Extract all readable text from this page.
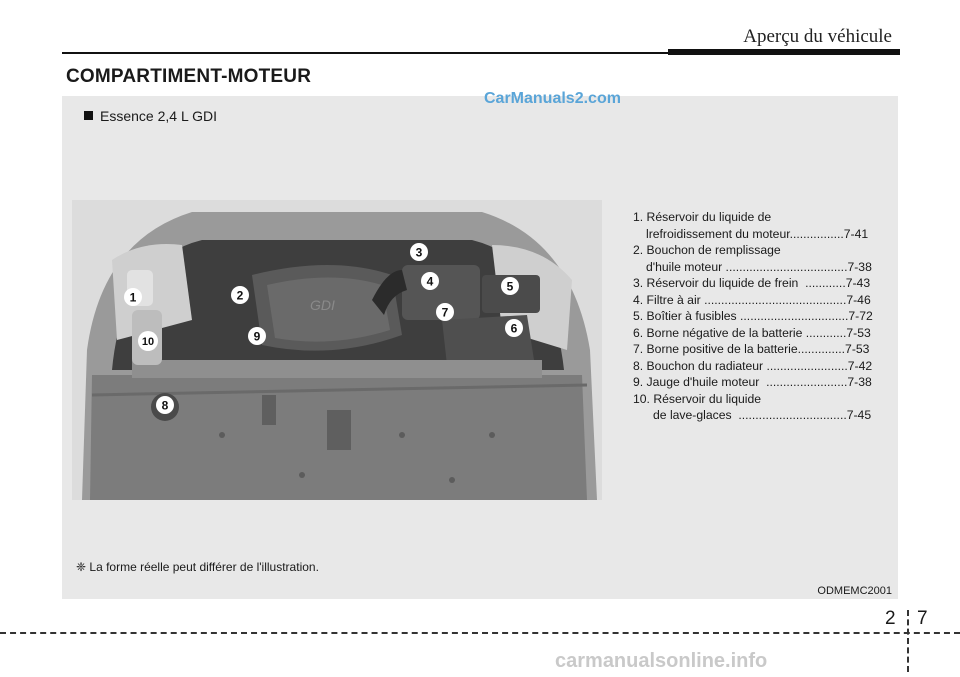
Aperçu du véhicule
COMPARTIMENT-MOTEUR
CarManuals2.com
Essence 2,4 L GDI
GDI
1	2
3
4	5
6
7
8
9
10
1. Réservoir du liquide de
lrefroidissement du moteur................7-41
2. Bouchon de remplissage
d'huile moteur ....................................7-38
3. Réservoir du liquide de frein  ............7-43
4. Filtre à air ..........................................7-46
5. Boîtier à fusibles ................................7-72
6. Borne négative de la batterie ............7-53
7. Borne positive de la batterie..............7-53
8. Bouchon du radiateur ........................7-42
9. Jauge d'huile moteur  ........................7-38
10. Réservoir du liquide
de lave-glaces  ................................7-45
❈ La forme réelle peut différer de l'illustration.
ODMEMC2001
2 7
carmanualsonline.info
